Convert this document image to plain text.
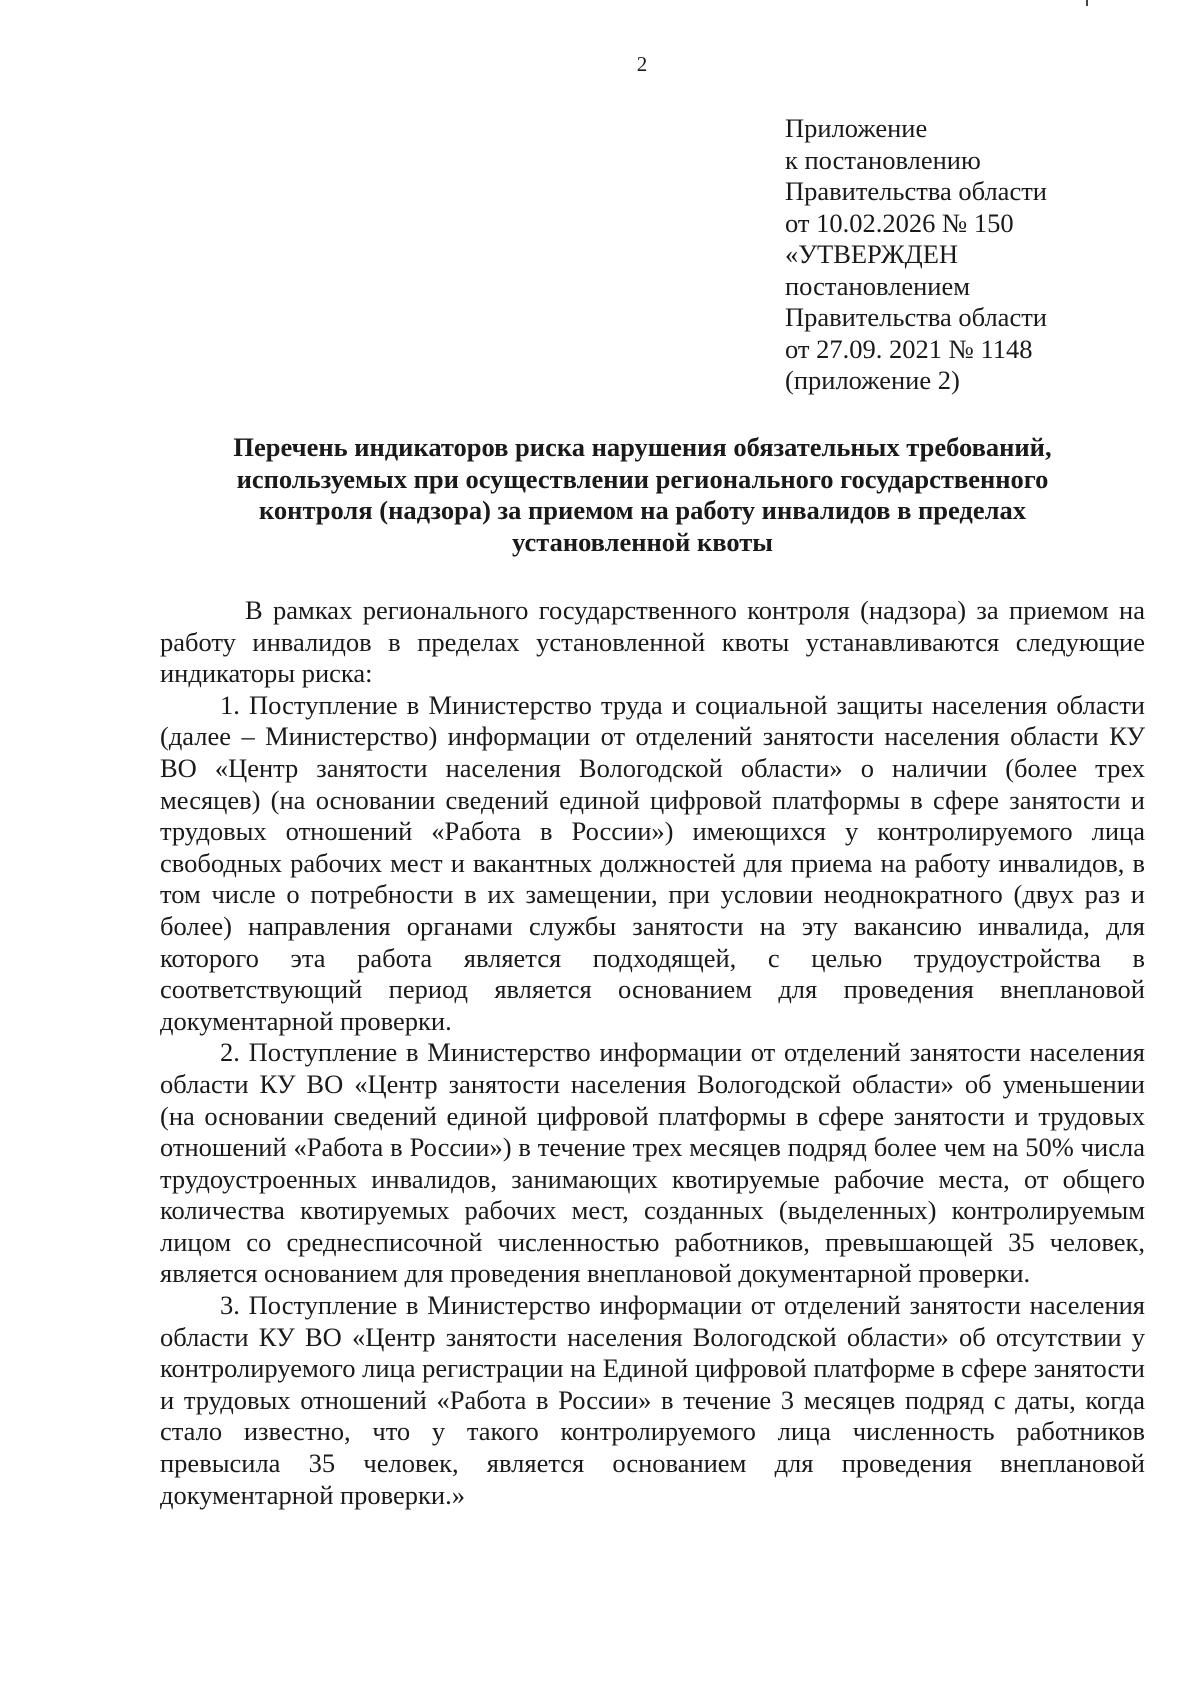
2
Приложение
к постановлению
Правительства области
от 10.02.2026 № 150
«УТВЕРЖДЕН
постановлением
Правительства области
от 27.09. 2021 № 1148
(приложение 2)
Перечень индикаторов риска нарушения обязательных требований,
используемых при осуществлении регионального государственного
контроля (надзора) за приемом на работу инвалидов в пределах
установленной квоты

В рамках регионального государственного контроля (надзора) за приемом на работу инвалидов в пределах установленной квоты устанавливаются следующие индикаторы риска:

1. Поступление в Министерство труда и социальной защиты населения области (далее – Министерство) информации от отделений занятости населения области КУ ВО «Центр занятости населения Вологодской области» о наличии (более трех месяцев) (на основании сведений единой цифровой платформы в сфере занятости и трудовых отношений «Работа в России») имеющихся у контролируемого лица свободных рабочих мест и вакантных должностей для приема на работу инвалидов, в том числе о потребности в их замещении, при условии неоднократного (двух раз и более) направления органами службы занятости на эту вакансию инвалида, для которого эта работа является подходящей, с целью трудоустройства в соответствующий период является основанием для проведения внеплановой документарной проверки.

2. Поступление в Министерство информации от отделений занятости населения области КУ ВО «Центр занятости населения Вологодской области» об уменьшении (на основании сведений единой цифровой платформы в сфере занятости и трудовых отношений «Работа в России») в течение трех месяцев подряд более чем на 50% числа трудоустроенных инвалидов, занимающих квотируемые рабочие места, от общего количества квотируемых рабочих мест, созданных (выделенных) контролируемым лицом со среднесписочной численностью работников, превышающей 35 человек, является основанием для проведения внеплановой документарной проверки.

3. Поступление в Министерство информации от отделений занятости населения области КУ ВО «Центр занятости населения Вологодской области» об отсутствии у контролируемого лица регистрации на Единой цифровой платформе в сфере занятости и трудовых отношений «Работа в России» в течение 3 месяцев подряд с даты, когда стало известно, что у такого контролируемого лица численность работников превысила 35 человек, является основанием для проведения внеплановой документарной проверки.»
